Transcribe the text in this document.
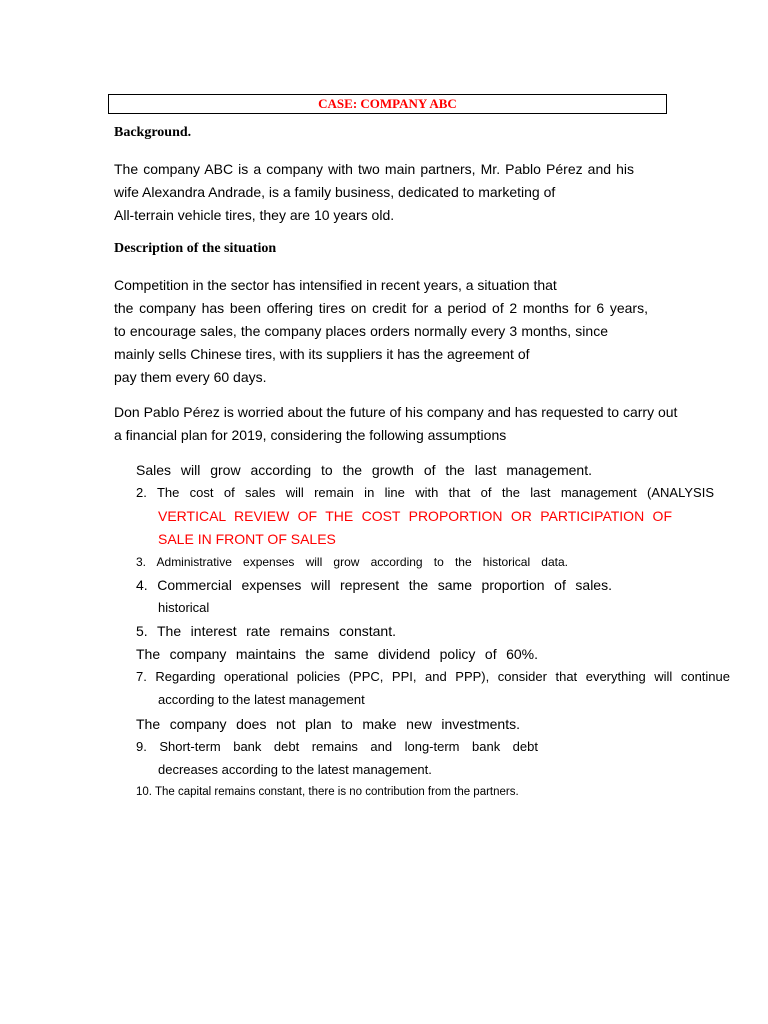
CASE: COMPANY ABC
Background.
The company ABC is a company with two main partners, Mr. Pablo Pérez and his
wife Alexandra Andrade, is a family business, dedicated to marketing of
All-terrain vehicle tires, they are 10 years old.
Description of the situation
Competition in the sector has intensified in recent years, a situation that
the company has been offering tires on credit for a period of 2 months for 6 years,
to encourage sales, the company places orders normally every 3 months, since
mainly sells Chinese tires, with its suppliers it has the agreement of
pay them every 60 days.
Don Pablo Pérez is worried about the future of his company and has requested to carry out
a financial plan for 2019, considering the following assumptions
Sales will grow according to the growth of the last management.
2. The cost of sales will remain in line with that of the last management (ANALYSIS
VERTICAL REVIEW OF THE COST PROPORTION OR PARTICIPATION OF
SALE IN FRONT OF SALES
3. Administrative expenses will grow according to the historical data.
4. Commercial expenses will represent the same proportion of sales.
historical
5. The interest rate remains constant.
The company maintains the same dividend policy of 60%.
7. Regarding operational policies (PPC, PPI, and PPP), consider that everything will continue
according to the latest management
The company does not plan to make new investments.
9. Short-term bank debt remains and long-term bank debt
decreases according to the latest management.
10. The capital remains constant, there is no contribution from the partners.
